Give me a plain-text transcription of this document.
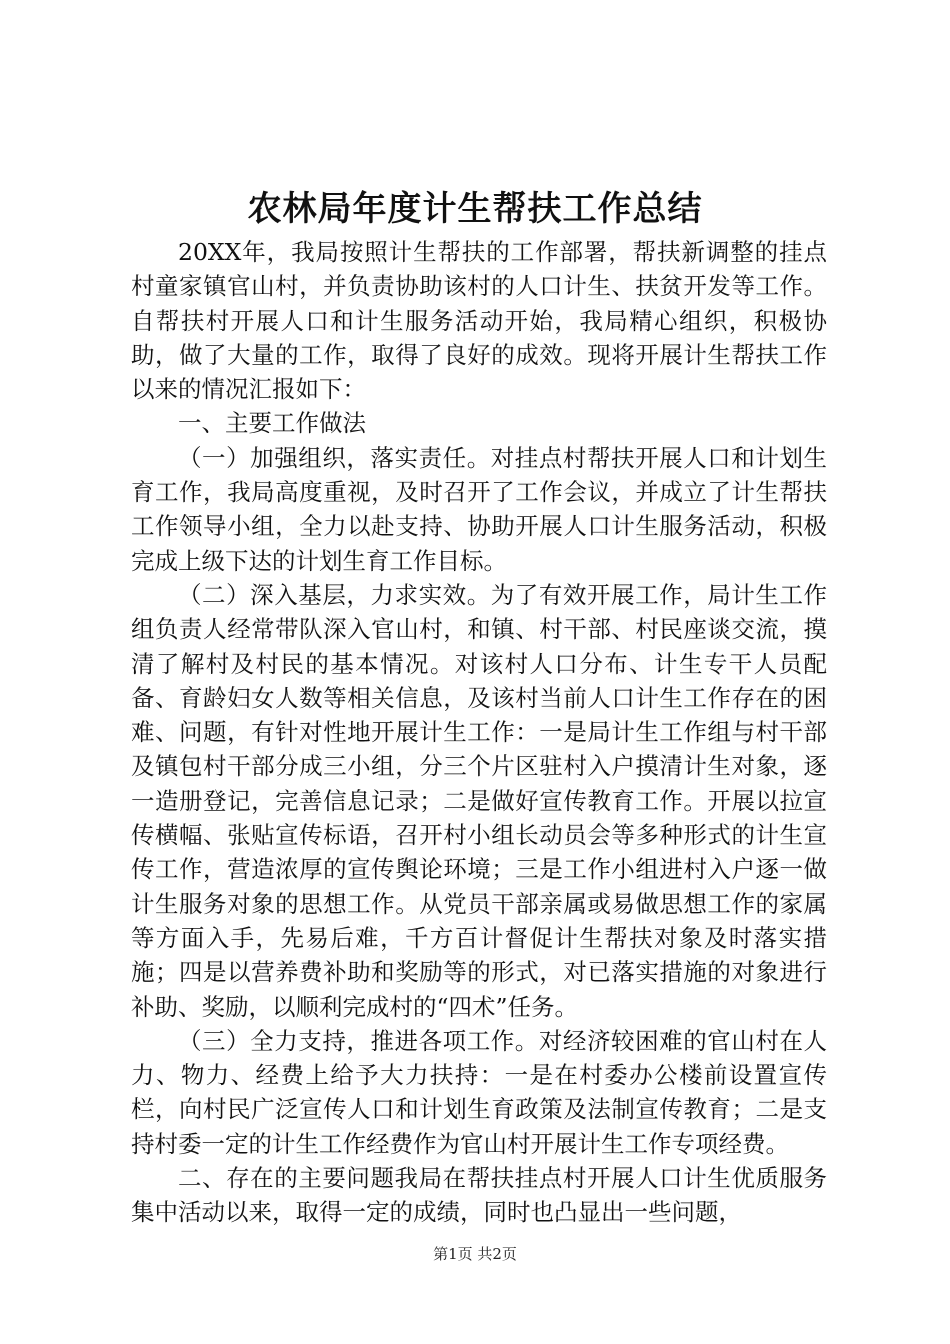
农林局年度计生帮扶工作总结

20XX年，我局按照计生帮扶的工作部署，帮扶新调整的挂点村童家镇官山村，并负责协助该村的人口计生、扶贫开发等工作。自帮扶村开展人口和计生服务活动开始，我局精心组织，积极协助，做了大量的工作，取得了良好的成效。现将开展计生帮扶工作以来的情况汇报如下：

一、主要工作做法

（一）加强组织，落实责任。对挂点村帮扶开展人口和计划生育工作，我局高度重视，及时召开了工作会议，并成立了计生帮扶工作领导小组，全力以赴支持、协助开展人口计生服务活动，积极完成上级下达的计划生育工作目标。

（二）深入基层，力求实效。为了有效开展工作，局计生工作组负责人经常带队深入官山村，和镇、村干部、村民座谈交流，摸清了解村及村民的基本情况。对该村人口分布、计生专干人员配备、育龄妇女人数等相关信息，及该村当前人口计生工作存在的困难、问题，有针对性地开展计生工作：一是局计生工作组与村干部及镇包村干部分成三小组，分三个片区驻村入户摸清计生对象，逐一造册登记，完善信息记录；二是做好宣传教育工作。开展以拉宣传横幅、张贴宣传标语，召开村小组长动员会等多种形式的计生宣传工作，营造浓厚的宣传舆论环境；三是工作小组进村入户逐一做计生服务对象的思想工作。从党员干部亲属或易做思想工作的家属等方面入手，先易后难，千方百计督促计生帮扶对象及时落实措施；四是以营养费补助和奖励等的形式，对已落实措施的对象进行补助、奖励，以顺利完成村的“四术”任务。

（三）全力支持，推进各项工作。对经济较困难的官山村在人力、物力、经费上给予大力扶持：一是在村委办公楼前设置宣传栏，向村民广泛宣传人口和计划生育政策及法制宣传教育；二是支持村委一定的计生工作经费作为官山村开展计生工作专项经费。

二、存在的主要问题我局在帮扶挂点村开展人口计生优质服务集中活动以来，取得一定的成绩，同时也凸显出一些问题，

第1页 共2页
